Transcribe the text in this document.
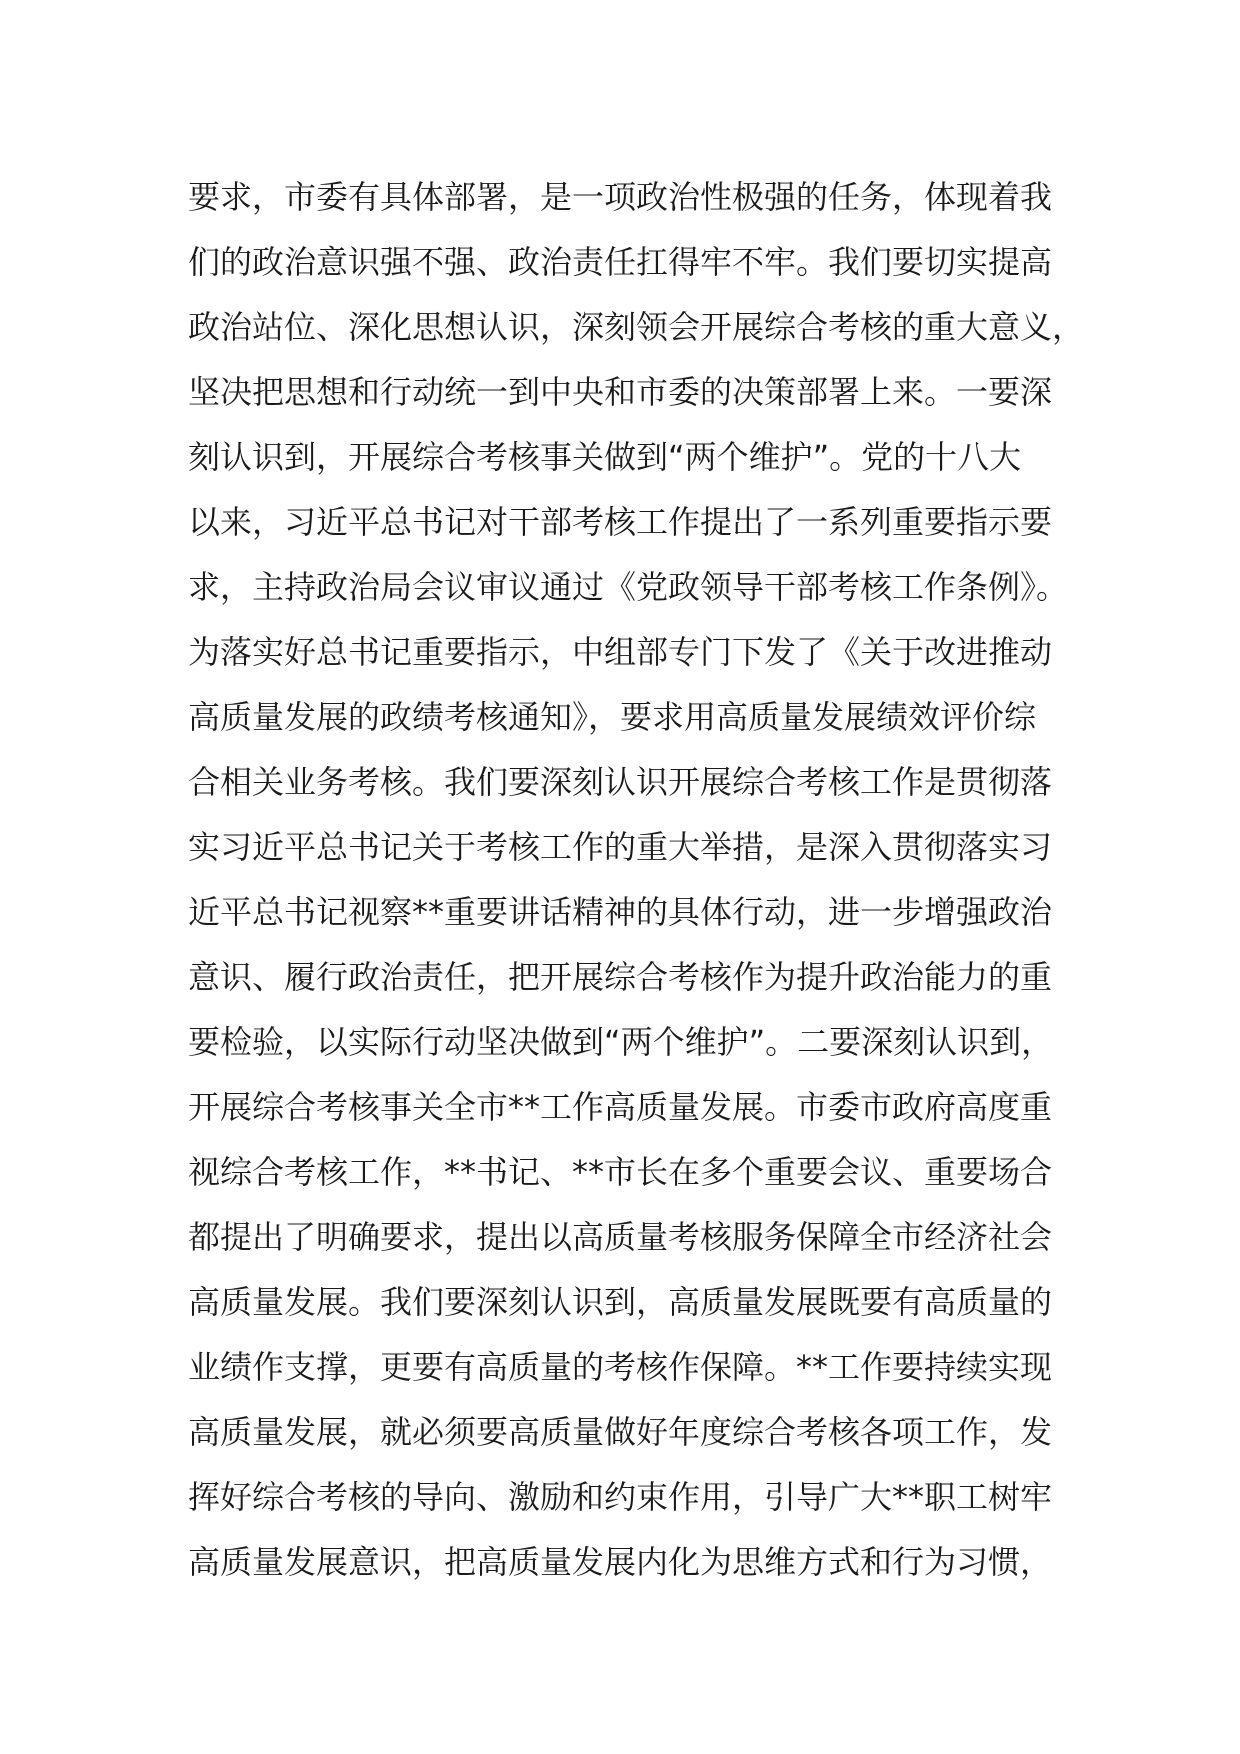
要求，市委有具体部署，是一项政治性极强的任务，体现着我
们的政治意识强不强、政治责任扛得牢不牢。我们要切实提高
政治站位、深化思想认识，深刻领会开展综合考核的重大意义，
坚决把思想和行动统一到中央和市委的决策部署上来。一要深
刻认识到，开展综合考核事关做到“两个维护”。党的十八大
以来，习近平总书记对干部考核工作提出了一系列重要指示要
求，主持政治局会议审议通过《党政领导干部考核工作条例》。
为落实好总书记重要指示，中组部专门下发了《关于改进推动
高质量发展的政绩考核通知》，要求用高质量发展绩效评价综
合相关业务考核。我们要深刻认识开展综合考核工作是贯彻落
实习近平总书记关于考核工作的重大举措，是深入贯彻落实习
近平总书记视察**重要讲话精神的具体行动，进一步增强政治
意识、履行政治责任，把开展综合考核作为提升政治能力的重
要检验，以实际行动坚决做到“两个维护”。二要深刻认识到，
开展综合考核事关全市**工作高质量发展。市委市政府高度重
视综合考核工作，**书记、**市长在多个重要会议、重要场合
都提出了明确要求，提出以高质量考核服务保障全市经济社会
高质量发展。我们要深刻认识到，高质量发展既要有高质量的
业绩作支撑，更要有高质量的考核作保障。**工作要持续实现
高质量发展，就必须要高质量做好年度综合考核各项工作，发
挥好综合考核的导向、激励和约束作用，引导广大**职工树牢
高质量发展意识，把高质量发展内化为思维方式和行为习惯，
